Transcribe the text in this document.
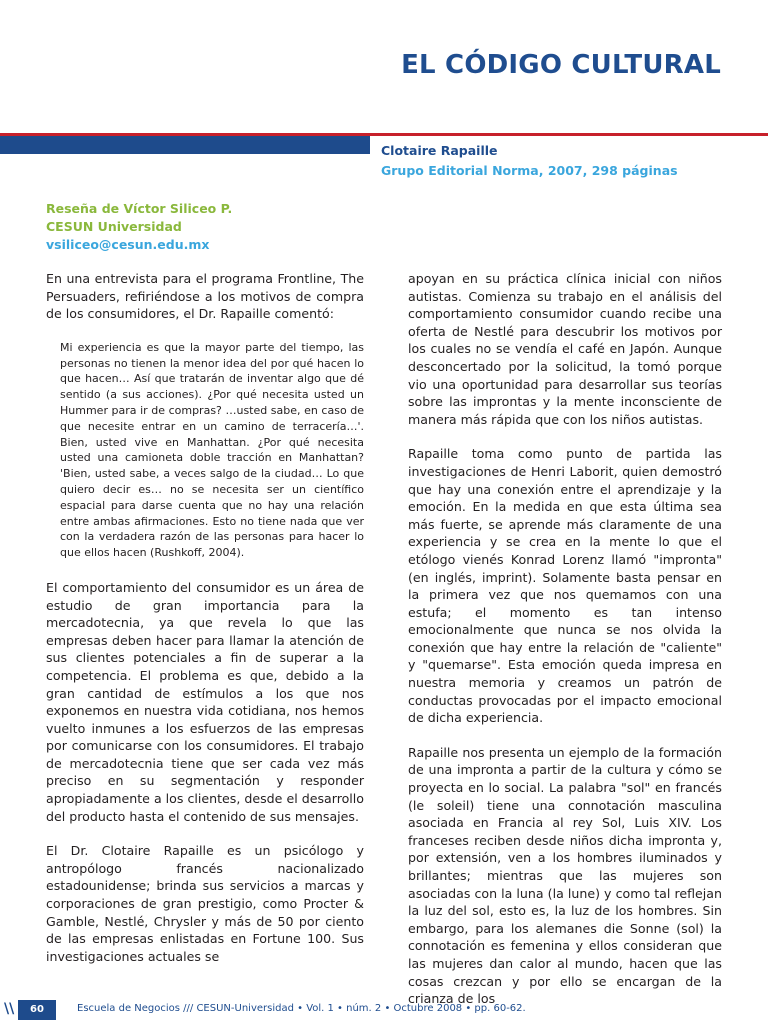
EL CÓDIGO CULTURAL
Clotaire Rapaille
Grupo Editorial Norma, 2007, 298 páginas
Reseña de Víctor Siliceo P.
CESUN Universidad
vsiliceo@cesun.edu.mx

En una entrevista para el programa Frontline, The Persuaders, refiriéndose a los motivos de compra de los consumidores, el Dr. Rapaille comentó:

Mi experiencia es que la mayor parte del tiempo, las personas no tienen la menor idea del por qué hacen lo que hacen… Así que tratarán de inventar algo que dé sentido (a sus acciones). ¿Por qué necesita usted un Hummer para ir de compras? …usted sabe, en caso de que necesite entrar en un camino de terracería…'. Bien, usted vive en Manhattan. ¿Por qué necesita usted una camioneta doble tracción en Manhattan? 'Bien, usted sabe, a veces salgo de la ciudad… Lo que quiero decir es… no se necesita ser un científico espacial para darse cuenta que no hay una relación entre ambas afirmaciones. Esto no tiene nada que ver con la verdadera razón de las personas para hacer lo que ellos hacen (Rushkoff, 2004).

El comportamiento del consumidor es un área de estudio de gran importancia para la mercadotecnia, ya que revela lo que las empresas deben hacer para llamar la atención de sus clientes potenciales a fin de superar a la competencia. El problema es que, debido a la gran cantidad de estímulos a los que nos exponemos en nuestra vida cotidiana, nos hemos vuelto inmunes a los esfuerzos de las empresas por comunicarse con los consumidores. El trabajo de mercadotecnia tiene que ser cada vez más preciso en su segmentación y responder apropiadamente a los clientes, desde el desarrollo del producto hasta el contenido de sus mensajes.

El Dr. Clotaire Rapaille es un psicólogo y antropólogo francés nacionalizado estadounidense; brinda sus servicios a marcas y corporaciones de gran prestigio, como Procter & Gamble, Nestlé, Chrysler y más de 50 por ciento de las empresas enlistadas en Fortune 100. Sus investigaciones actuales se

apoyan en su práctica clínica inicial con niños autistas. Comienza su trabajo en el análisis del comportamiento consumidor cuando recibe una oferta de Nestlé para descubrir los motivos por los cuales no se vendía el café en Japón. Aunque desconcertado por la solicitud, la tomó porque vio una oportunidad para desarrollar sus teorías sobre las improntas y la mente inconsciente de manera más rápida que con los niños autistas.

Rapaille toma como punto de partida las investigaciones de Henri Laborit, quien demostró que hay una conexión entre el aprendizaje y la emoción. En la medida en que esta última sea más fuerte, se aprende más claramente de una experiencia y se crea en la mente lo que el etólogo vienés Konrad Lorenz llamó "impronta" (en inglés, imprint). Solamente basta pensar en la primera vez que nos quemamos con una estufa; el momento es tan intenso emocionalmente que nunca se nos olvida la conexión que hay entre la relación de "caliente" y "quemarse". Esta emoción queda impresa en nuestra memoria y creamos un patrón de conductas provocadas por el impacto emocional de dicha experiencia.

Rapaille nos presenta un ejemplo de la formación de una impronta a partir de la cultura y cómo se proyecta en lo social. La palabra "sol" en francés (le soleil) tiene una connotación masculina asociada en Francia al rey Sol, Luis XIV. Los franceses reciben desde niños dicha impronta y, por extensión, ven a los hombres iluminados y brillantes; mientras que las mujeres son asociadas con la luna (la lune) y como tal reflejan la luz del sol, esto es, la luz de los hombres. Sin embargo, para los alemanes die Sonne (sol) la connotación es femenina y ellos consideran que las mujeres dan calor al mundo, hacen que las cosas crezcan y por ello se encargan de la crianza de los

\\	60	Escuela de Negocios /// CESUN-Universidad • Vol. 1 • núm. 2 • Octubre 2008 • pp. 60-62.
